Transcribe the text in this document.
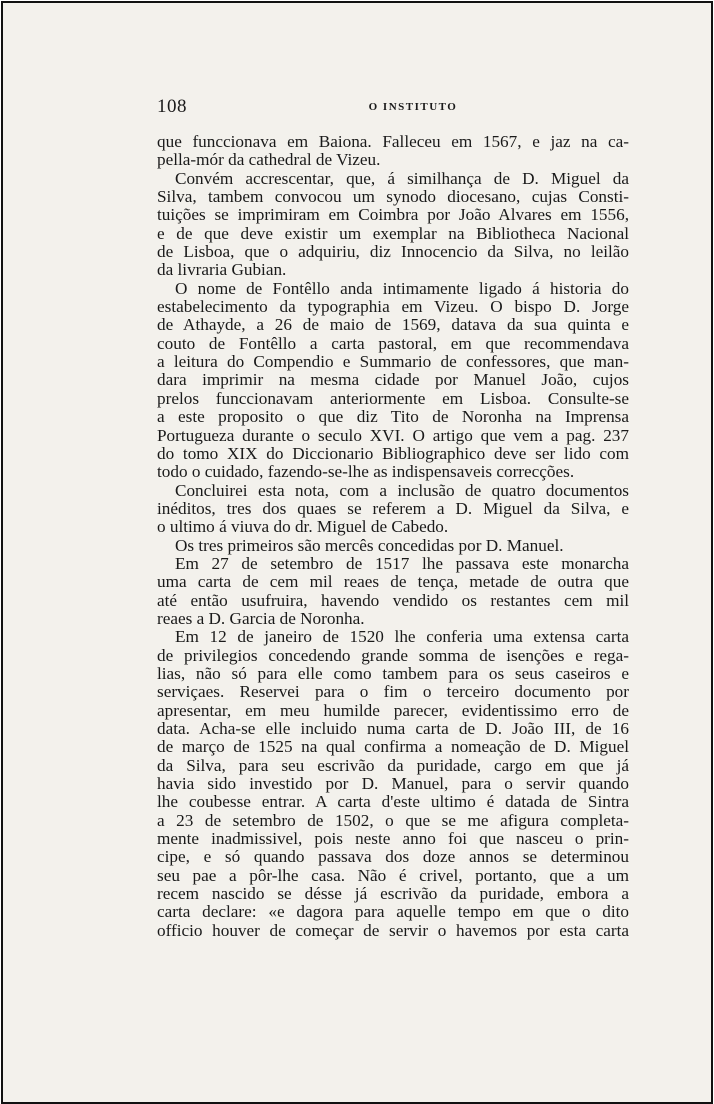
108	O INSTITUTO
que funccionava em Baiona. Falleceu em 1567, e jaz na ca-
pella-mór da cathedral de Vizeu.
Convém accrescentar, que, á similhança de D. Miguel da
Silva, tambem convocou um synodo diocesano, cujas Consti-
tuições se imprimiram em Coimbra por João Alvares em 1556,
e de que deve existir um exemplar na Bibliotheca Nacional
de Lisboa, que o adquiriu, diz Innocencio da Silva, no leilão
da livraria Gubian.
O nome de Fontêllo anda intimamente ligado á historia do
estabelecimento da typographia em Vizeu. O bispo D. Jorge
de Athayde, a 26 de maio de 1569, datava da sua quinta e
couto de Fontêllo a carta pastoral, em que recommendava
a leitura do Compendio e Summario de confessores, que man-
dara imprimir na mesma cidade por Manuel João, cujos
prelos funccionavam anteriormente em Lisboa. Consulte-se
a este proposito o que diz Tito de Noronha na Imprensa
Portugueza durante o seculo XVI. O artigo que vem a pag. 237
do tomo XIX do Diccionario Bibliographico deve ser lido com
todo o cuidado, fazendo-se-lhe as indispensaveis correcções.
Concluirei esta nota, com a inclusão de quatro documentos
inéditos, tres dos quaes se referem a D. Miguel da Silva, e
o ultimo á viuva do dr. Miguel de Cabedo.
Os tres primeiros são mercês concedidas por D. Manuel.
Em 27 de setembro de 1517 lhe passava este monarcha
uma carta de cem mil reaes de tença, metade de outra que
até então usufruira, havendo vendido os restantes cem mil
reaes a D. Garcia de Noronha.
Em 12 de janeiro de 1520 lhe conferia uma extensa carta
de privilegios concedendo grande somma de isenções e rega-
lias, não só para elle como tambem para os seus caseiros e
serviçaes. Reservei para o fim o terceiro documento por
apresentar, em meu humilde parecer, evidentissimo erro de
data. Acha-se elle incluido numa carta de D. João III, de 16
de março de 1525 na qual confirma a nomeação de D. Miguel
da Silva, para seu escrivão da puridade, cargo em que já
havia sido investido por D. Manuel, para o servir quando
lhe coubesse entrar. A carta d'este ultimo é datada de Sintra
a 23 de setembro de 1502, o que se me afigura completa-
mente inadmissivel, pois neste anno foi que nasceu o prin-
cipe, e só quando passava dos doze annos se determinou
seu pae a pôr-lhe casa. Não é crivel, portanto, que a um
recem nascido se désse já escrivão da puridade, embora a
carta declare: «e dagora para aquelle tempo em que o dito
officio houver de começar de servir o havemos por esta carta
